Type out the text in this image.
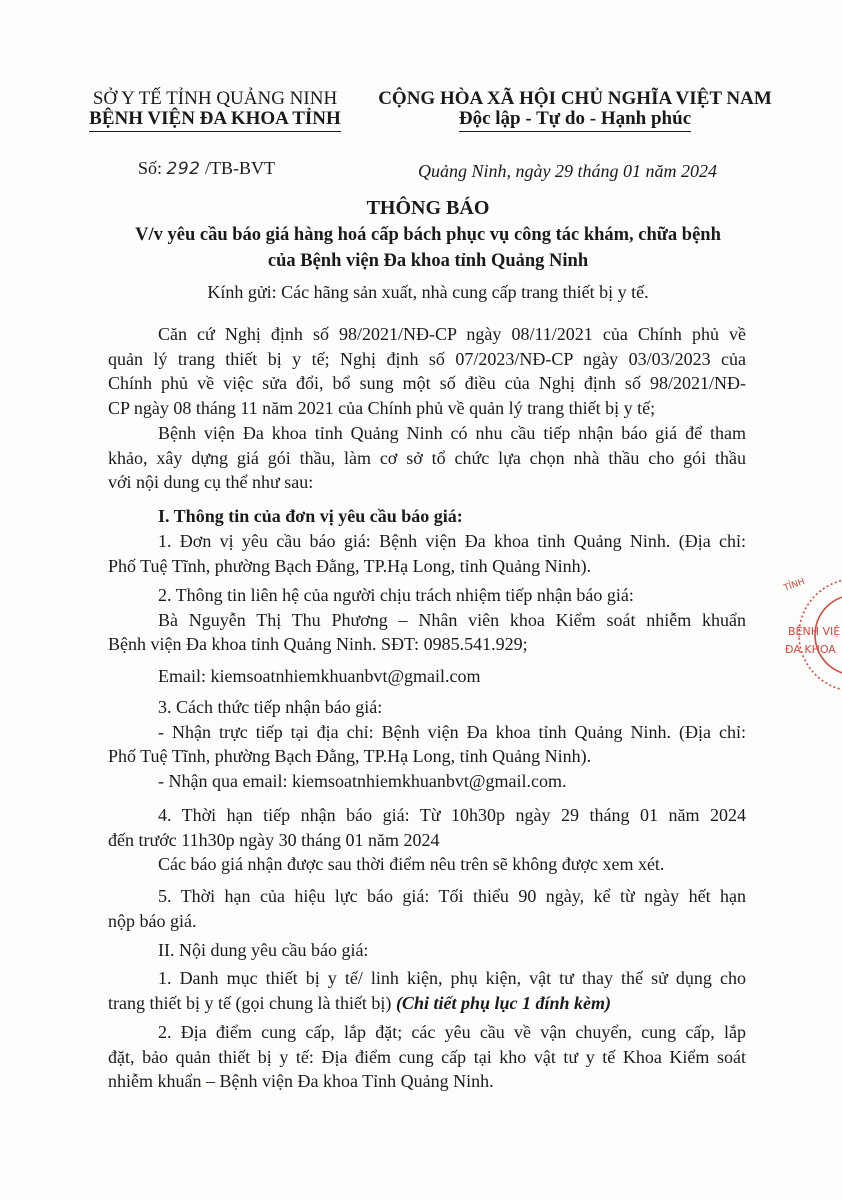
SỞ Y TẾ TỈNH QUẢNG NINH
BỆNH VIỆN ĐA KHOA TỈNH
CỘNG HÒA XÃ HỘI CHỦ NGHĨA VIỆT NAM
Độc lập - Tự do - Hạnh phúc
Số: 292 /TB-BVT	Quảng Ninh, ngày 29 tháng 01 năm 2024
THÔNG BÁO
V/v yêu cầu báo giá hàng hoá cấp bách phục vụ công tác khám, chữa bệnh
của Bệnh viện Đa khoa tỉnh Quảng Ninh
Kính gửi: Các hãng sản xuất, nhà cung cấp trang thiết bị y tế.
Căn cứ Nghị định số 98/2021/NĐ-CP ngày 08/11/2021 của Chính phủ về
quản lý trang thiết bị y tế; Nghị định số 07/2023/NĐ-CP ngày 03/03/2023 của
Chính phủ về việc sửa đổi, bổ sung một số điều của Nghị định số 98/2021/NĐ-
CP ngày 08 tháng 11 năm 2021 của Chính phủ về quản lý trang thiết bị y tế;
Bệnh viện Đa khoa tỉnh Quảng Ninh có nhu cầu tiếp nhận báo giá để tham
khảo, xây dựng giá gói thầu, làm cơ sở tổ chức lựa chọn nhà thầu cho gói thầu
với nội dung cụ thể như sau:
I. Thông tin của đơn vị yêu cầu báo giá:
1. Đơn vị yêu cầu báo giá: Bệnh viện Đa khoa tỉnh Quảng Ninh. (Địa chỉ:
Phố Tuệ Tĩnh, phường Bạch Đằng, TP.Hạ Long, tỉnh Quảng Ninh).
2. Thông tin liên hệ của người chịu trách nhiệm tiếp nhận báo giá:
Bà Nguyễn Thị Thu Phương – Nhân viên khoa Kiểm soát nhiễm khuẩn
Bệnh viện Đa khoa tỉnh Quảng Ninh. SĐT: 0985.541.929;
Email: kiemsoatnhiemkhuanbvt@gmail.com
3. Cách thức tiếp nhận báo giá:
- Nhận trực tiếp tại địa chỉ: Bệnh viện Đa khoa tỉnh Quảng Ninh. (Địa chỉ:
Phố Tuệ Tĩnh, phường Bạch Đằng, TP.Hạ Long, tỉnh Quảng Ninh).
- Nhận qua email: kiemsoatnhiemkhuanbvt@gmail.com.
4. Thời hạn tiếp nhận báo giá: Từ 10h30p ngày 29 tháng 01 năm 2024
đến trước 11h30p ngày 30 tháng 01 năm 2024
Các báo giá nhận được sau thời điểm nêu trên sẽ không được xem xét.
5. Thời hạn của hiệu lực báo giá: Tối thiểu 90 ngày, kể từ ngày hết hạn
nộp báo giá.
II. Nội dung yêu cầu báo giá:
1. Danh mục thiết bị y tế/ linh kiện, phụ kiện, vật tư thay thế sử dụng cho
trang thiết bị y tế (gọi chung là thiết bị) (Chi tiết phụ lục 1 đính kèm)
2. Địa điểm cung cấp, lắp đặt; các yêu cầu về vận chuyển, cung cấp, lắp
đặt, bảo quản thiết bị y tế: Địa điểm cung cấp tại kho vật tư y tế Khoa Kiểm soát
nhiễm khuẩn – Bệnh viện Đa khoa Tỉnh Quảng Ninh.
TỈNH
BỆNH VIỆ
ĐA KHOA
